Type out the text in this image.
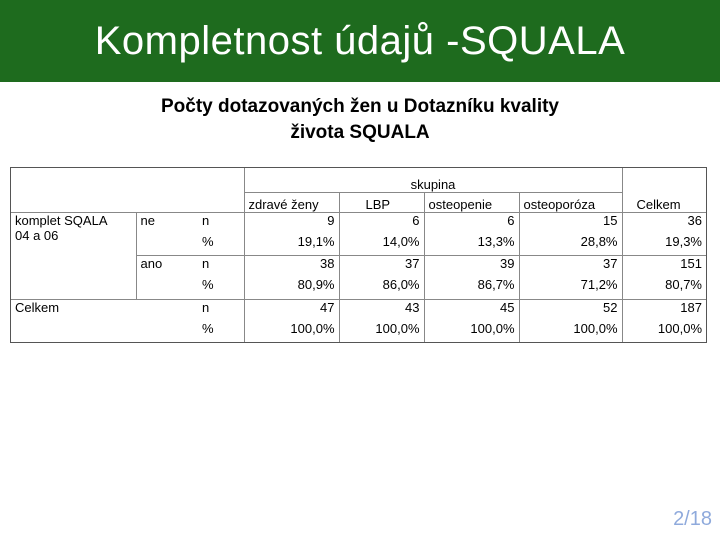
Kompletnost údajů -SQUALA
Počty dotazovaných žen u Dotazníku kvality
života SQUALA
			skupina				
			zdravé ženy	LBP	osteopenie	osteoporóza	Celkem

komplet SQALA
04 a 06	ne	n	9	6	6	15	36
		%	19,1%	14,0%	13,3%	28,8%	19,3%
	ano	n	38	37	39	37	151
		%	80,9%	86,0%	86,7%	71,2%	80,7%
Celkem		n	47	43	45	52	187
		%	100,0%	100,0%	100,0%	100,0%	100,0%
2/18
